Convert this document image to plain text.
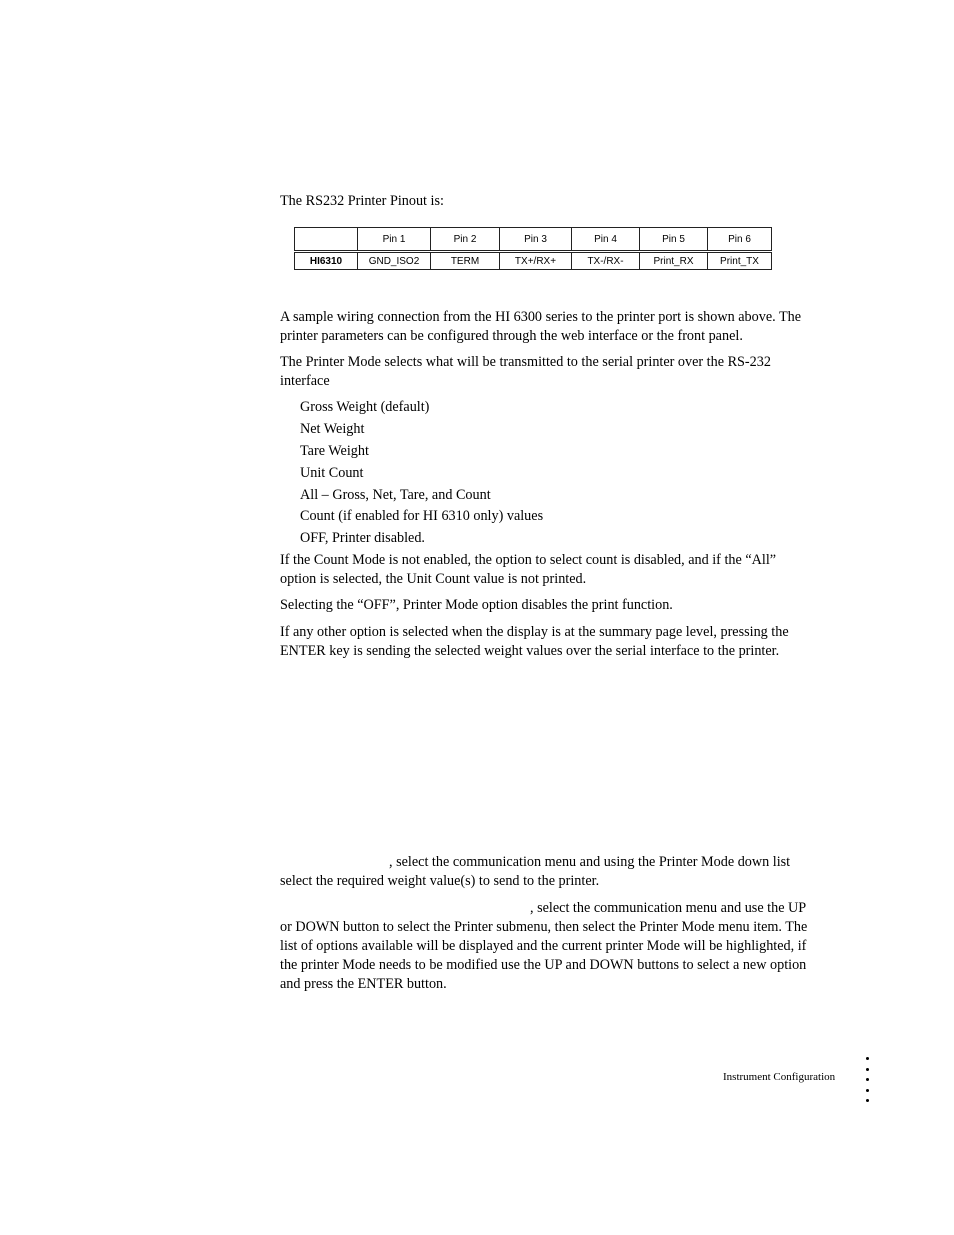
The RS232 Printer Pinout is:

	Pin 1	Pin 2	Pin 3	Pin 4	Pin 5	Pin 6
HI6310	GND_ISO2	TERM	TX+/RX+	TX-/RX-	Print_RX	Print_TX

A sample wiring connection from the HI 6300 series to the printer port is shown above. The printer parameters can be configured through the web interface or the front panel.

The Printer Mode selects what will be transmitted to the serial printer over the RS-232 interface

Gross Weight (default)

Net Weight

Tare Weight

Unit Count

All – Gross, Net, Tare, and Count

Count (if enabled for HI 6310 only) values

OFF, Printer disabled.

If the Count Mode is not enabled, the option to select count is disabled, and if the “All” option is selected, the Unit Count value is not printed.

Selecting the “OFF”, Printer Mode option disables the print function.

If any other option is selected when the display is at the summary page level, pressing the ENTER key is sending the selected weight values over the serial interface to the printer.

, select the communication menu and using the Printer Mode down list select the required weight value(s) to send to the printer.

, select the communication menu and use the UP or DOWN button to select the Printer submenu, then select the Printer Mode menu item. The list of options available will be displayed and the current printer Mode will be highlighted, if the printer Mode needs to be modified use the UP and DOWN buttons to select a new option and press the ENTER button.

Instrument Configuration
